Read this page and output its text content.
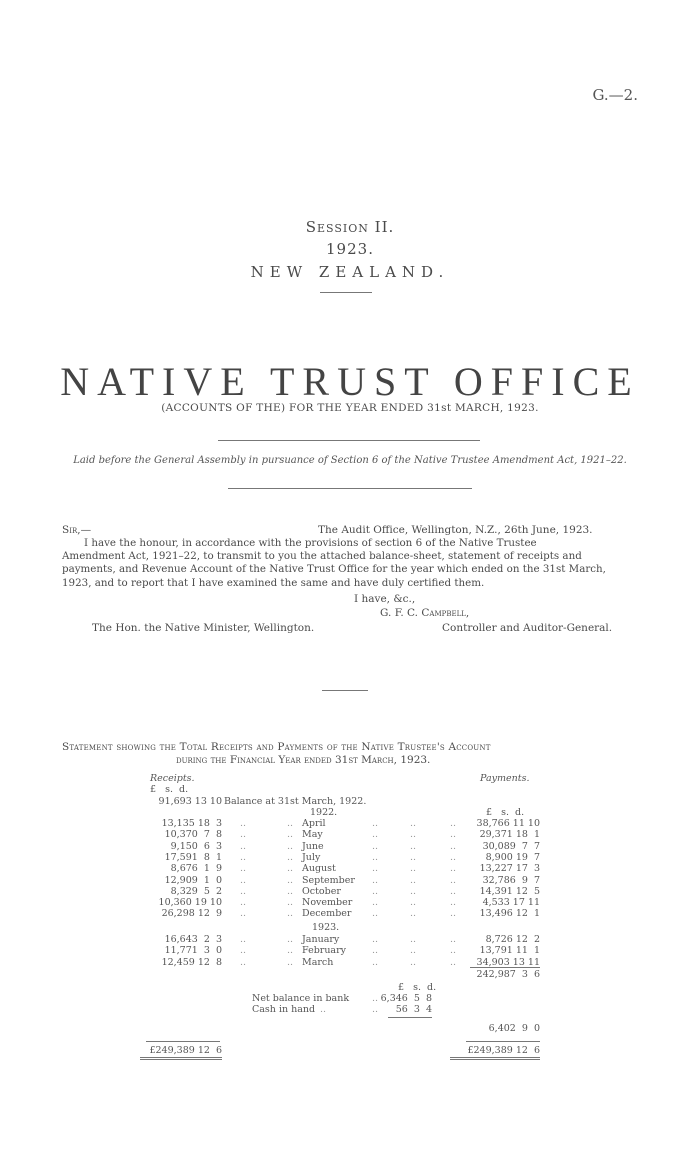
G.—2.
Session II.
1923.
NEW ZEALAND.
NATIVE TRUST OFFICE
(ACCOUNTS OF THE) FOR THE YEAR ENDED 31st MARCH, 1923.
Laid before the General Assembly in pursuance of Section 6 of the Native Trustee Amendment Act, 1921–22.
Sir,—	The Audit Office, Wellington, N.Z., 26th June, 1923.
I have the honour, in accordance with the provisions of section 6 of the Native Trustee
Amendment Act, 1921–22, to transmit to you the attached balance-sheet, statement of receipts and
payments, and Revenue Account of the Native Trust Office for the year which ended on the 31st March,
1923, and to report that I have examined the same and have duly certified them.
I have, &c.,
G. F. C. Campbell,
The Hon. the Native Minister, Wellington.	Controller and Auditor-General.
Statement showing the Total Receipts and Payments of the Native Trustee's Account
during the Financial Year ended 31st March, 1923.
Receipts.	Payments.
£   s.  d.
91,693 13 10 Balance at 31st March, 1922.
1922.	£   s.  d.
13,135 18  3 ..	.. April	..	..	..	38,766 11 10
10,370  7  8 ..	.. May	..	..	..	29,371 18  1
9,150  6  3 ..	.. June	..	..	..	30,089  7  7
17,591  8  1 ..	.. July	..	..	..	8,900 19  7
8,676  1  9 ..	.. August	..	..	..	13,227 17  3
12,909  1  0 ..	.. September ..	..	..	32,786  9  7
8,329  5  2 ..	.. October	..	..	..	14,391 12  5
10,360 19 10 ..	.. November ..	..	..	4,533 17 11
26,298 12  9 ..	.. December ..	..	..	13,496 12  1
16,643  2  3 ..	.. January	..	..	..	8,726 12  2
11,771  3  0 ..	.. February	..	..	..	13,791 11  1
12,459 12  8 ..	.. March	..	..	..	34,903 13 11
1923.
242,987  3  6
£   s.  d.
Net balance in bank .. 6,346  5  8
Cash in hand ..	..	56  3  4
6,402  9  0
£249,389 12  6	£249,389 12  6
